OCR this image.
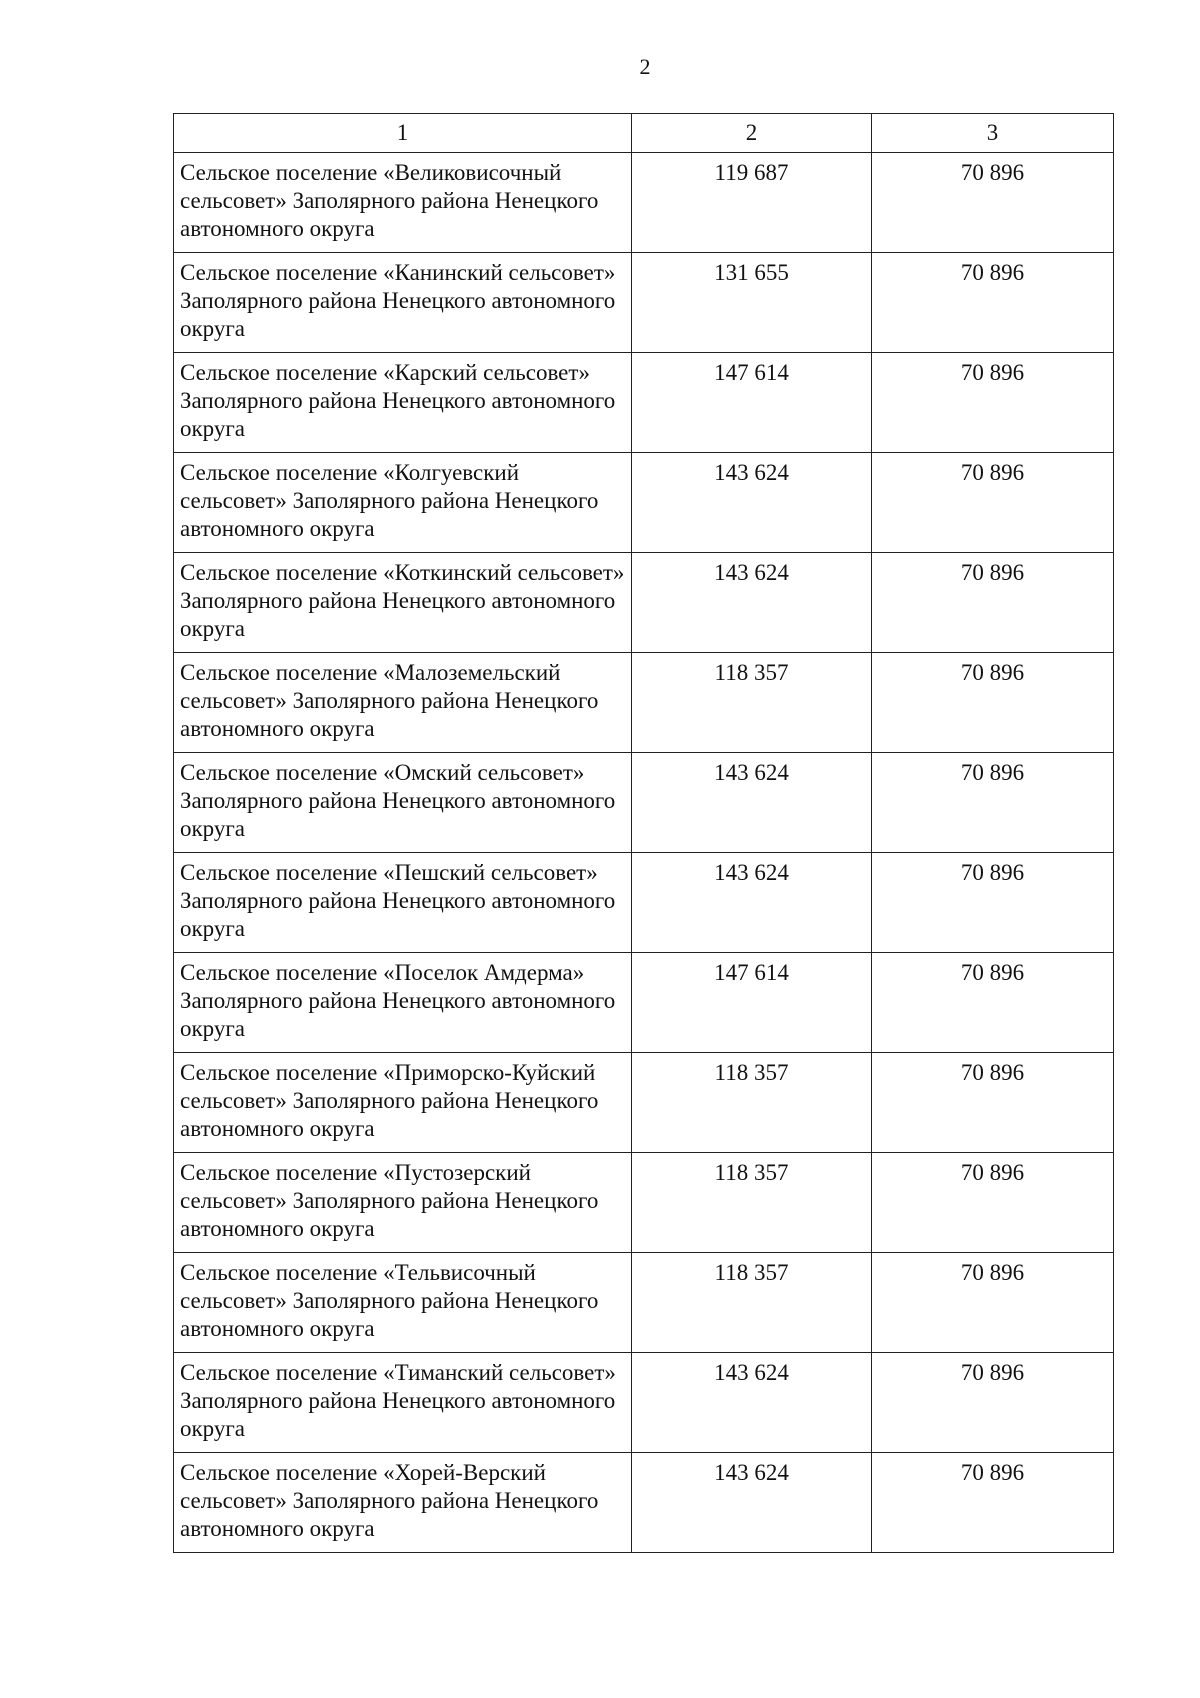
2
1	2	3
Сельское поселение «Великовисочный сельсовет» Заполярного района Ненецкого автономного округа	119 687	70 896
Сельское поселение «Канинский сельсовет» Заполярного района Ненецкого автономного округа	131 655	70 896
Сельское поселение «Карский сельсовет» Заполярного района Ненецкого автономного округа	147 614	70 896
Сельское поселение «Колгуевский сельсовет» Заполярного района Ненецкого автономного округа	143 624	70 896
Сельское поселение «Коткинский сельсовет» Заполярного района Ненецкого автономного округа	143 624	70 896
Сельское поселение «Малоземельский сельсовет» Заполярного района Ненецкого автономного округа	118 357	70 896
Сельское поселение «Омский сельсовет» Заполярного района Ненецкого автономного округа	143 624	70 896
Сельское поселение «Пешский сельсовет» Заполярного района Ненецкого автономного округа	143 624	70 896
Сельское поселение «Поселок Амдерма» Заполярного района Ненецкого автономного округа	147 614	70 896
Сельское поселение «Приморско-Куйский сельсовет» Заполярного района Ненецкого автономного округа	118 357	70 896
Сельское поселение «Пустозерский сельсовет» Заполярного района Ненецкого автономного округа	118 357	70 896
Сельское поселение «Тельвисочный сельсовет» Заполярного района Ненецкого автономного округа	118 357	70 896
Сельское поселение «Тиманский сельсовет» Заполярного района Ненецкого автономного округа	143 624	70 896
Сельское поселение «Хорей-Верский сельсовет» Заполярного района Ненецкого автономного округа	143 624	70 896
